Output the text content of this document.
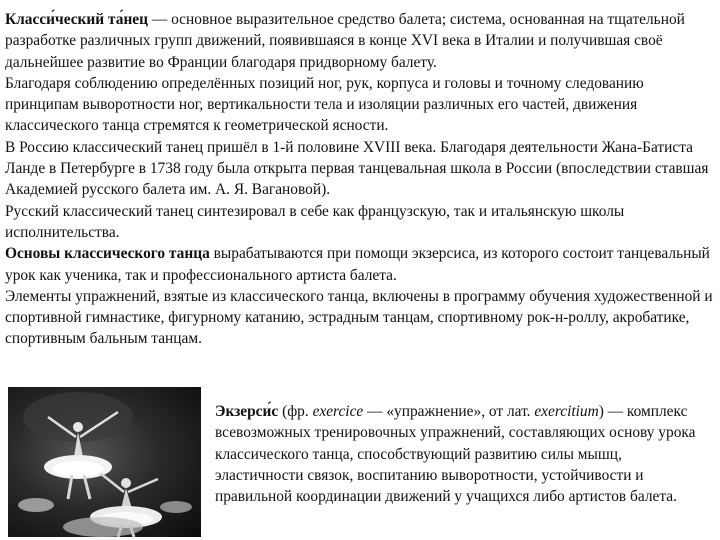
Класси́ческий та́нец — основное выразительное средство балета; система, основанная на тщательной разработке различных групп движений, появившаяся в конце XVI века в Италии и получившая своё дальнейшее развитие во Франции благодаря придворному балету.

Благодаря соблюдению определённых позиций ног, рук, корпуса и головы и точному следованию принципам выворотности ног, вертикальности тела и изоляции различных его частей, движения классического танца стремятся к геометрической ясности.

В Россию классический танец пришёл в 1-й половине XVIII века. Благодаря деятельности Жана-Батиста Ланде в Петербурге в 1738 году была открыта первая танцевальная школа в России (впоследствии ставшая Академией русского балета им. А. Я. Вагановой).

Русский классический танец синтезировал в себе как французскую, так и итальянскую школы исполнительства.

Основы классического танца вырабатываются при помощи экзерсиса, из которого состоит танцевальный урок как ученика, так и профессионального артиста балета.

Элементы упражнений, взятые из классического танца, включены в программу обучения художественной и спортивной гимнастике, фигурному катанию, эстрадным танцам, спортивному рок-н-роллу, акробатике, спортивным бальным танцам.

Экзерси́с (фр. exercice — «упражнение», от лат. exercitium) — комплекс всевозможных тренировочных упражнений, составляющих основу урока классического танца, способствующий развитию силы мышц, эластичности связок, воспитанию выворотности, устойчивости и правильной координации движений у учащихся либо артистов балета.
